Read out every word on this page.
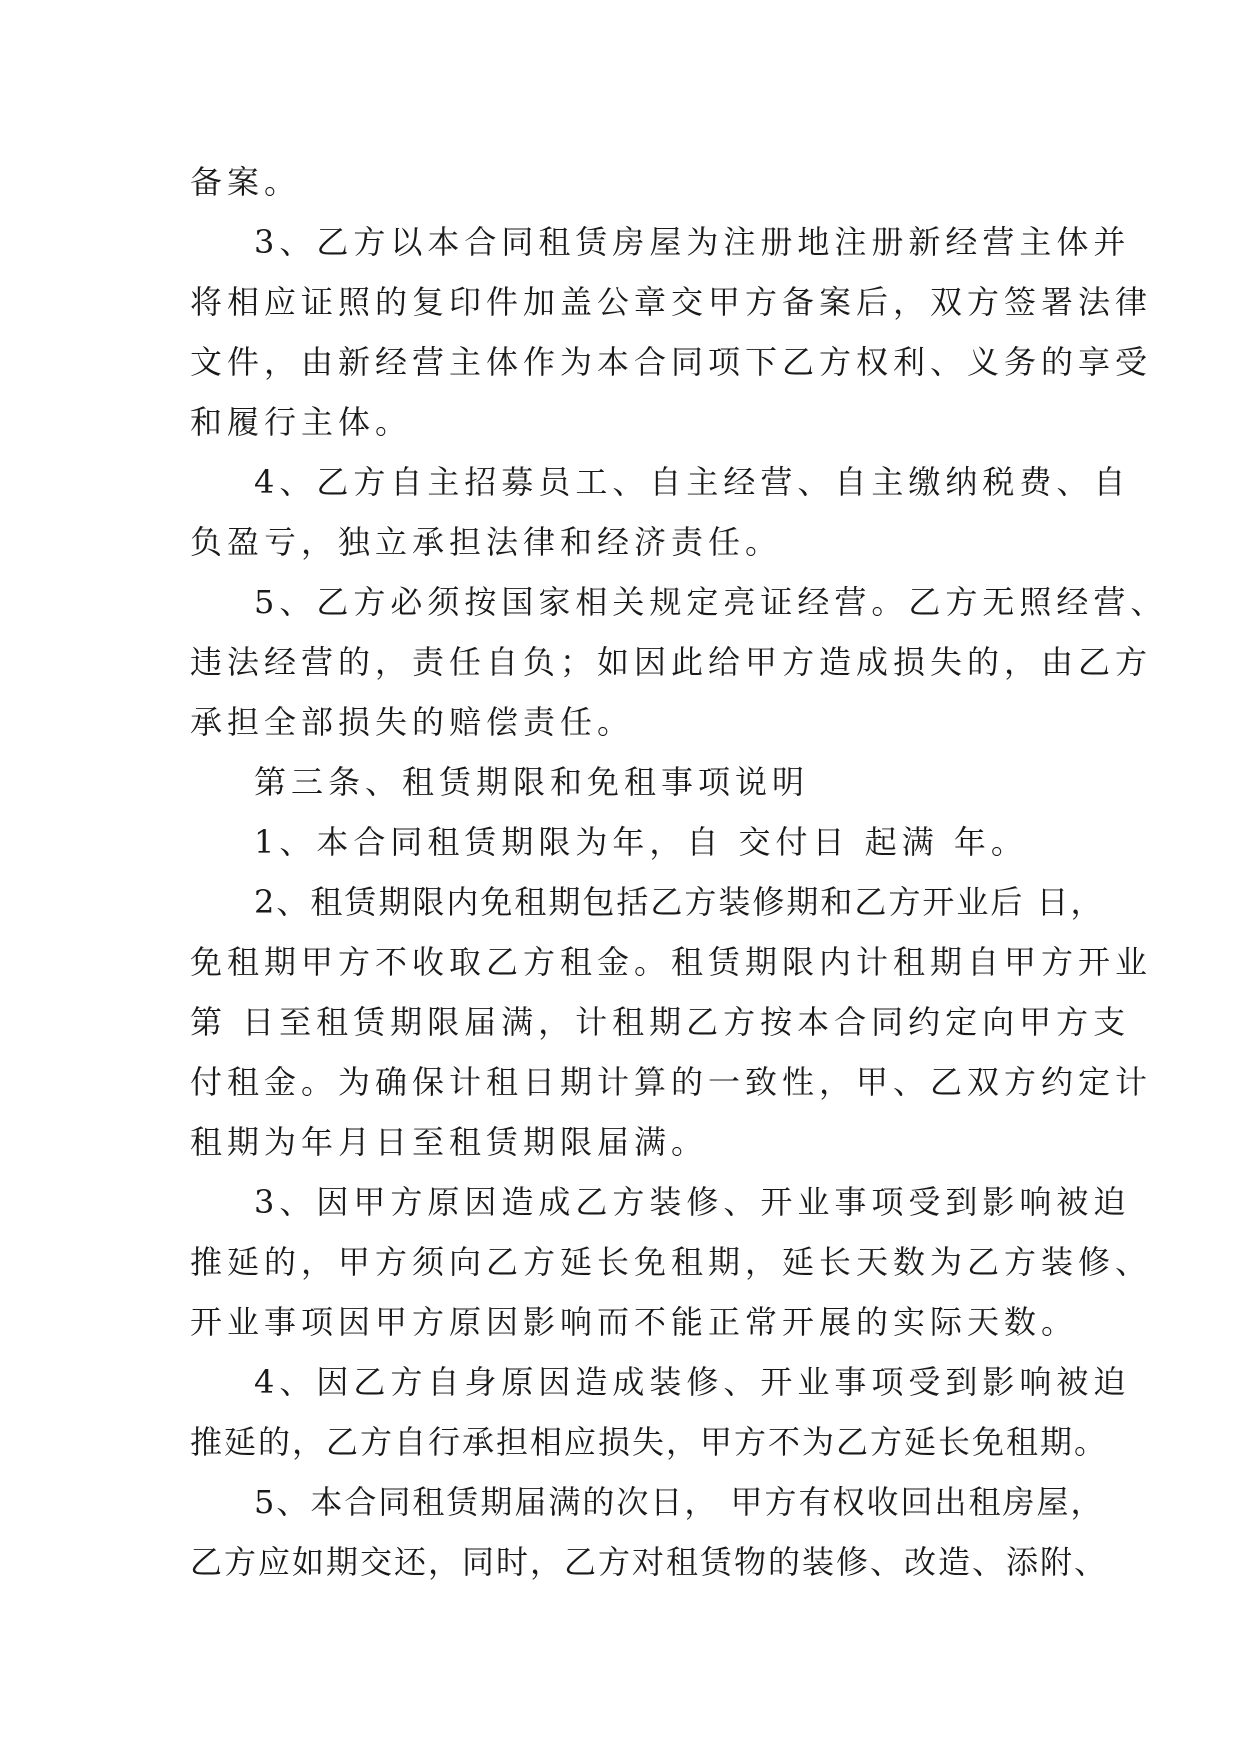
备案。
3、乙方以本合同租赁房屋为注册地注册新经营主体并
将相应证照的复印件加盖公章交甲方备案后，双方签署法律
文件，由新经营主体作为本合同项下乙方权利、义务的享受
和履行主体。
4、乙方自主招募员工、自主经营、自主缴纳税费、自
负盈亏，独立承担法律和经济责任。
5、乙方必须按国家相关规定亮证经营。乙方无照经营、
违法经营的，责任自负；如因此给甲方造成损失的，由乙方
承担全部损失的赔偿责任。
第三条、租赁期限和免租事项说明
1、本合同租赁期限为年，自 交付日 起满 年。
2、租赁期限内免租期包括乙方装修期和乙方开业后 日，
免租期甲方不收取乙方租金。租赁期限内计租期自甲方开业
第 日至租赁期限届满，计租期乙方按本合同约定向甲方支
付租金。为确保计租日期计算的一致性，甲、乙双方约定计
租期为年月日至租赁期限届满。
3、因甲方原因造成乙方装修、开业事项受到影响被迫
推延的，甲方须向乙方延长免租期，延长天数为乙方装修、
开业事项因甲方原因影响而不能正常开展的实际天数。
4、因乙方自身原因造成装修、开业事项受到影响被迫
推延的，乙方自行承担相应损失，甲方不为乙方延长免租期。
5、本合同租赁期届满的次日， 甲方有权收回出租房屋，
乙方应如期交还，同时，乙方对租赁物的装修、改造、添附、
